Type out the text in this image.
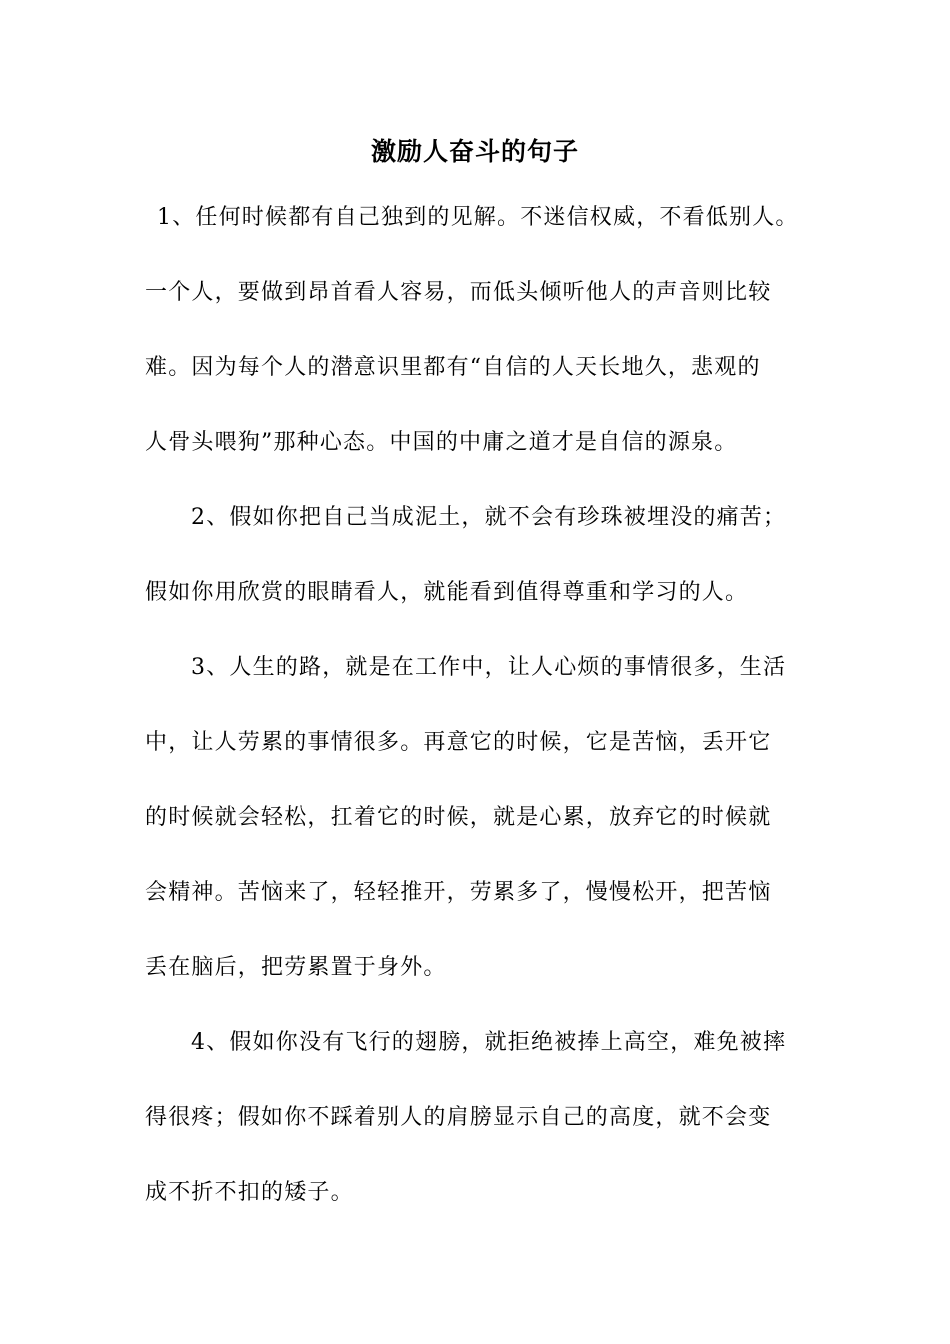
激励人奋斗的句子

1、任何时候都有自己独到的见解。不迷信权威，不看低别人。
一个人，要做到昂首看人容易，而低头倾听他人的声音则比较
难。因为每个人的潜意识里都有“自信的人天长地久，悲观的
人骨头喂狗”那种心态。中国的中庸之道才是自信的源泉。

2、假如你把自己当成泥土，就不会有珍珠被埋没的痛苦；
假如你用欣赏的眼睛看人，就能看到值得尊重和学习的人。

3、人生的路，就是在工作中，让人心烦的事情很多，生活
中，让人劳累的事情很多。再意它的时候，它是苦恼，丢开它
的时候就会轻松，扛着它的时候，就是心累，放弃它的时候就
会精神。苦恼来了，轻轻推开，劳累多了，慢慢松开，把苦恼
丢在脑后，把劳累置于身外。

4、假如你没有飞行的翅膀，就拒绝被捧上高空，难免被摔
得很疼；假如你不踩着别人的肩膀显示自己的高度，就不会变
成不折不扣的矮子。
